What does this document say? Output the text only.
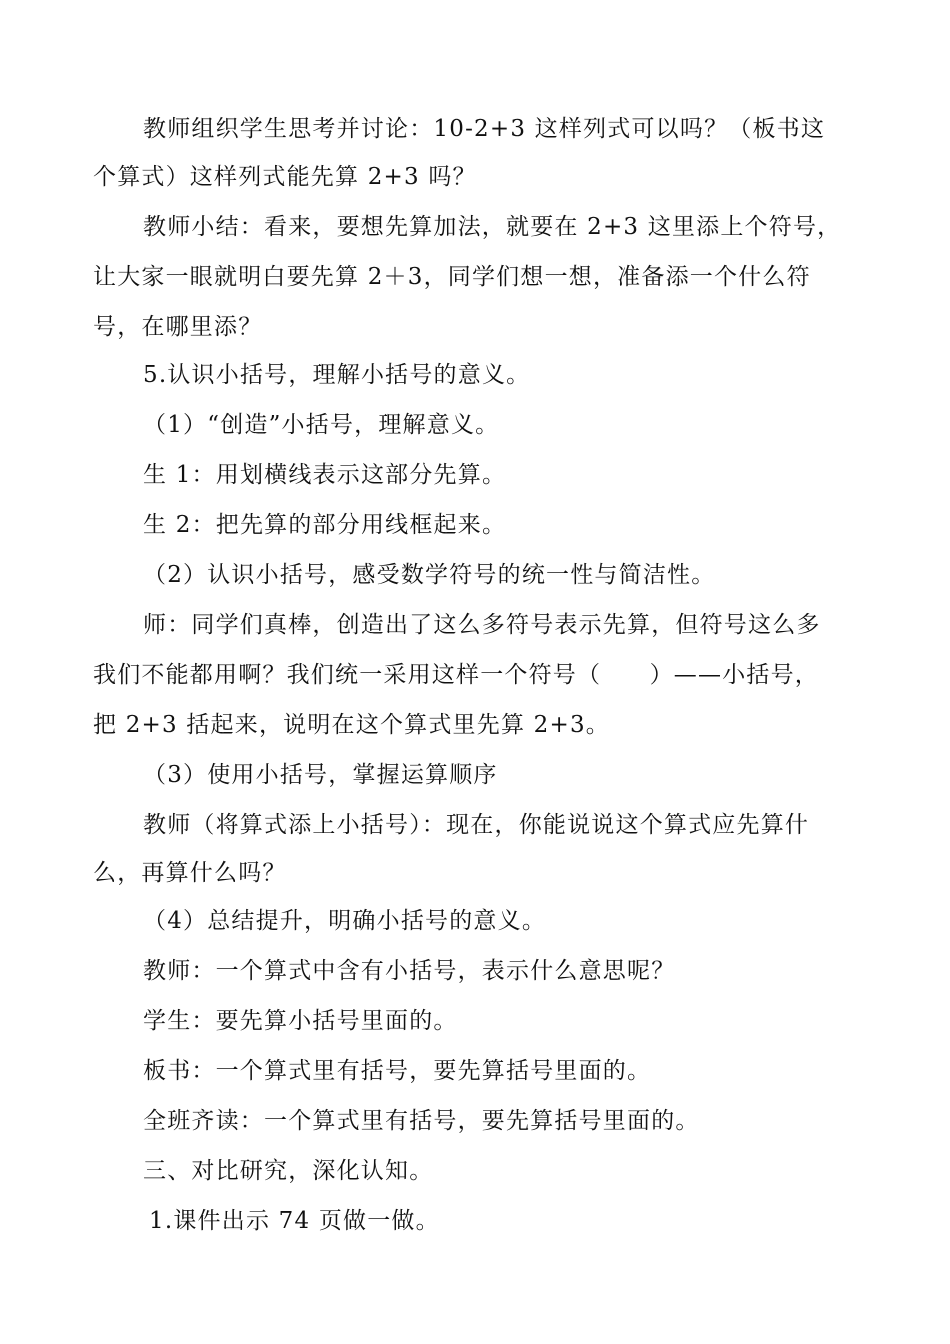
教师组织学生思考并讨论：10-2+3 这样列式可以吗？（板书这
个算式）这样列式能先算 2+3 吗？
教师小结：看来，要想先算加法，就要在 2+3 这里添上个符号，
让大家一眼就明白要先算 2＋3，同学们想一想，准备添一个什么符
号，在哪里添？
5.认识小括号，理解小括号的意义。
（1）“创造”小括号，理解意义。
生 1：用划横线表示这部分先算。
生 2：把先算的部分用线框起来。
（2）认识小括号，感受数学符号的统一性与简洁性。
师：同学们真棒，创造出了这么多符号表示先算，但符号这么多
我们不能都用啊？我们统一采用这样一个符号（　　）——小括号，
把 2+3 括起来，说明在这个算式里先算 2+3。
（3）使用小括号，掌握运算顺序
教师（将算式添上小括号）：现在，你能说说这个算式应先算什
么，再算什么吗？
（4）总结提升，明确小括号的意义。
教师：一个算式中含有小括号，表示什么意思呢？
学生：要先算小括号里面的。
板书：一个算式里有括号，要先算括号里面的。
全班齐读：一个算式里有括号，要先算括号里面的。
三、对比研究，深化认知。
1.课件出示 74 页做一做。
